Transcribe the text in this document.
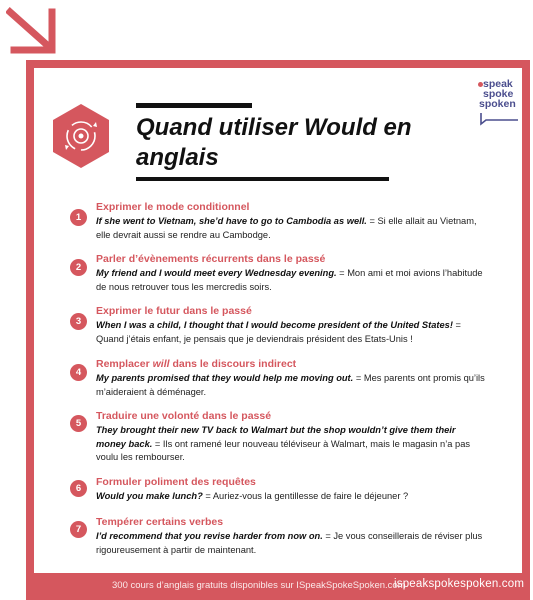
Quand utiliser Would en anglais
speak
spoke
spoken
1
Exprimer le mode conditionnel
If she went to Vietnam, she’d have to go to Cambodia as well. = Si elle allait au Vietnam, elle devrait aussi se rendre au Cambodge.
2
Parler d’évènements récurrents dans le passé
My friend and I would meet every Wednesday evening. = Mon ami et moi avions l’habitude de nous retrouver tous les mercredis soirs.
3
Exprimer le futur dans le passé
When I was a child, I thought that I would become president of the United States! = Quand j’étais enfant, je pensais que je deviendrais président des Etats-Unis !
4
Remplacer will dans le discours indirect
My parents promised that they would help me moving out. = Mes parents ont promis qu’ils m’aideraient à déménager.
5
Traduire une volonté dans le passé
They brought their new TV back to Walmart but the shop wouldn’t give them their money back. = Ils ont ramené leur nouveau téléviseur à Walmart, mais le magasin n’a pas voulu les rembourser.
6
Formuler poliment des requêtes
Would you make lunch? = Auriez-vous la gentillesse de faire le déjeuner ?
7
Tempérer certains verbes
I’d recommend that you revise harder from now on. = Je vous conseillerais de réviser plus rigoureusement à partir de maintenant.
300 cours d’anglais gratuits disponibles sur ISpeakSpokeSpoken.com
ispeakspokespoken.com
